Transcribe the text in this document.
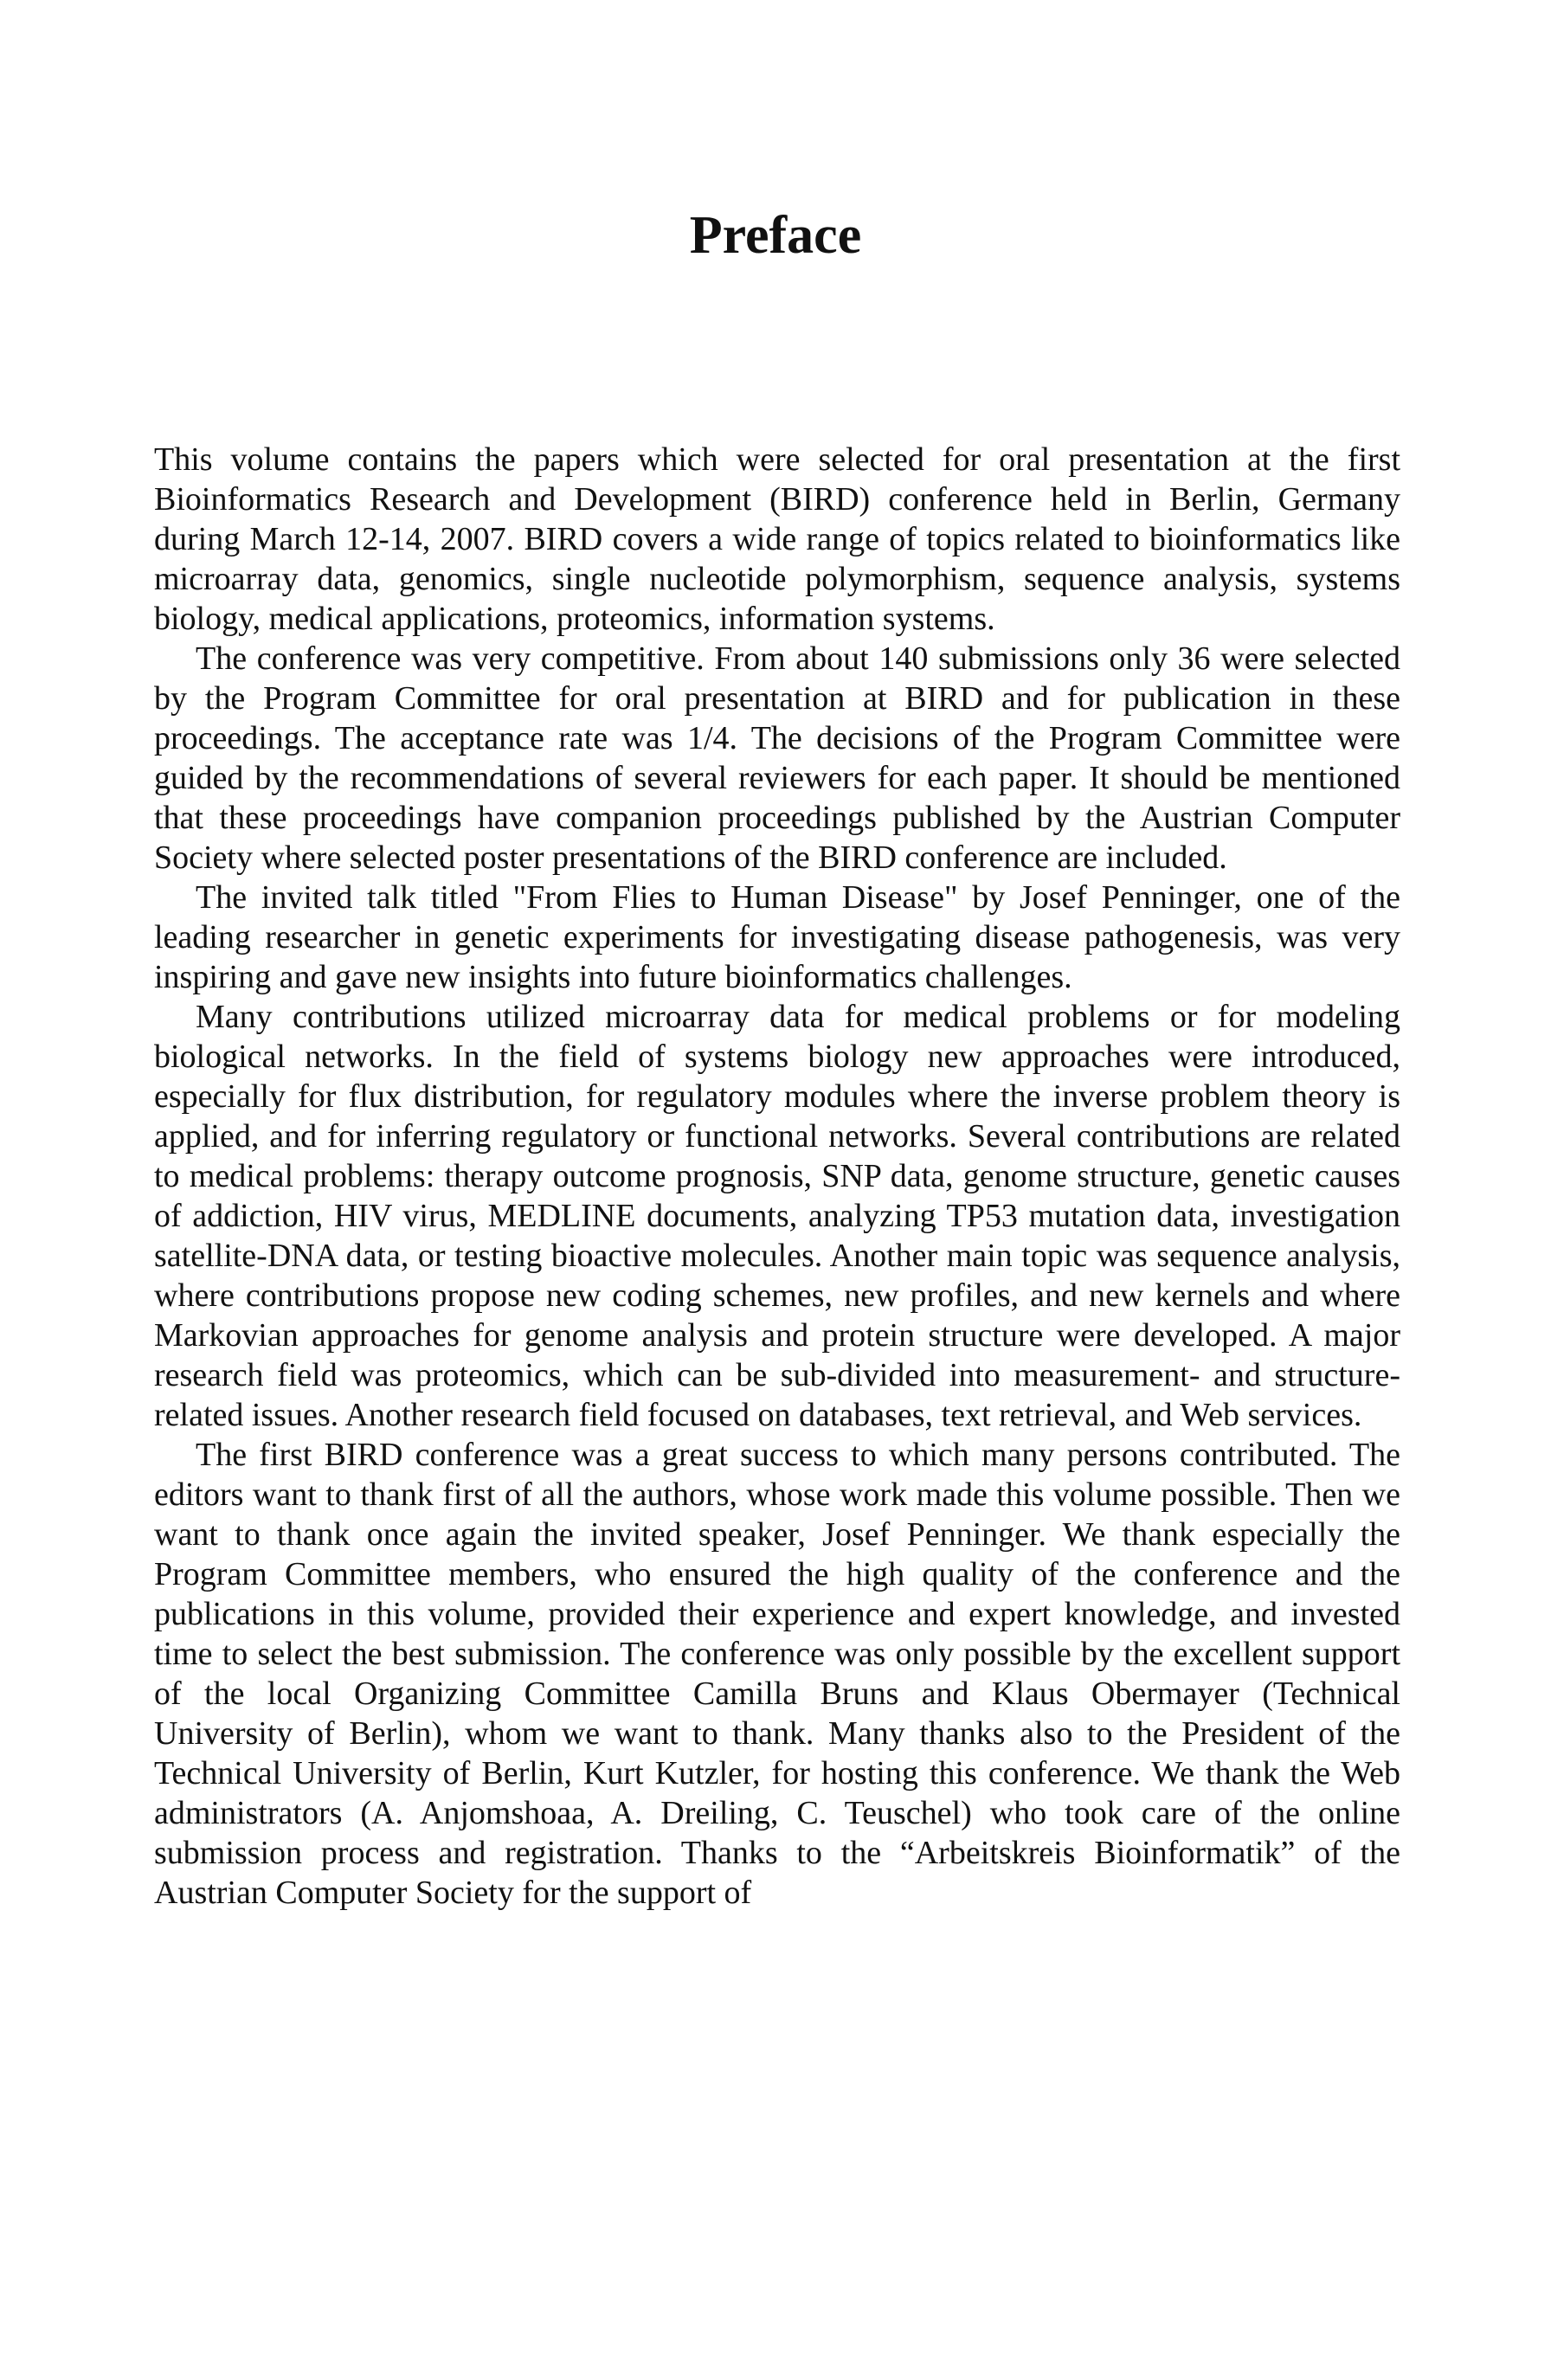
Preface

This volume contains the papers which were selected for oral presentation at the first Bioinformatics Research and Development (BIRD) conference held in Berlin, Germany during March 12-14, 2007. BIRD covers a wide range of topics related to bioinformatics like microarray data, genomics, single nucleotide polymorphism, sequence analysis, systems biology, medical applications, proteomics, information systems.

The conference was very competitive. From about 140 submissions only 36 were selected by the Program Committee for oral presentation at BIRD and for publication in these proceedings. The acceptance rate was 1/4. The decisions of the Program Committee were guided by the recommendations of several reviewers for each paper. It should be mentioned that these proceedings have companion proceedings published by the Austrian Computer Society where selected poster presentations of the BIRD conference are included.

The invited talk titled "From Flies to Human Disease" by Josef Penninger, one of the leading researcher in genetic experiments for investigating disease pathogenesis, was very inspiring and gave new insights into future bioinformatics challenges.

Many contributions utilized microarray data for medical problems or for modeling biological networks. In the field of systems biology new approaches were introduced, especially for flux distribution, for regulatory modules where the inverse problem theory is applied, and for inferring regulatory or functional networks. Several contributions are related to medical problems: therapy outcome prognosis, SNP data, genome structure, genetic causes of addiction, HIV virus, MEDLINE documents, analyzing TP53 mutation data, investigation satellite-DNA data, or testing bioactive molecules. Another main topic was sequence analysis, where contributions propose new coding schemes, new profiles, and new kernels and where Markovian approaches for genome analysis and protein structure were developed. A major research field was proteomics, which can be sub-divided into measurement- and structure-related issues. Another research field focused on databases, text retrieval, and Web services.

The first BIRD conference was a great success to which many persons contributed. The editors want to thank first of all the authors, whose work made this volume possible. Then we want to thank once again the invited speaker, Josef Penninger. We thank especially the Program Committee members, who ensured the high quality of the conference and the publications in this volume, provided their experience and expert knowledge, and invested time to select the best submission. The conference was only possible by the excellent support of the local Organizing Committee Camilla Bruns and Klaus Obermayer (Technical University of Berlin), whom we want to thank. Many thanks also to the President of the Technical University of Berlin, Kurt Kutzler, for hosting this conference. We thank the Web administrators (A. Anjomshoaa, A. Dreiling, C. Teuschel) who took care of the online submission process and registration. Thanks to the “Arbeitskreis Bioinformatik” of the Austrian Computer Society for the support of
